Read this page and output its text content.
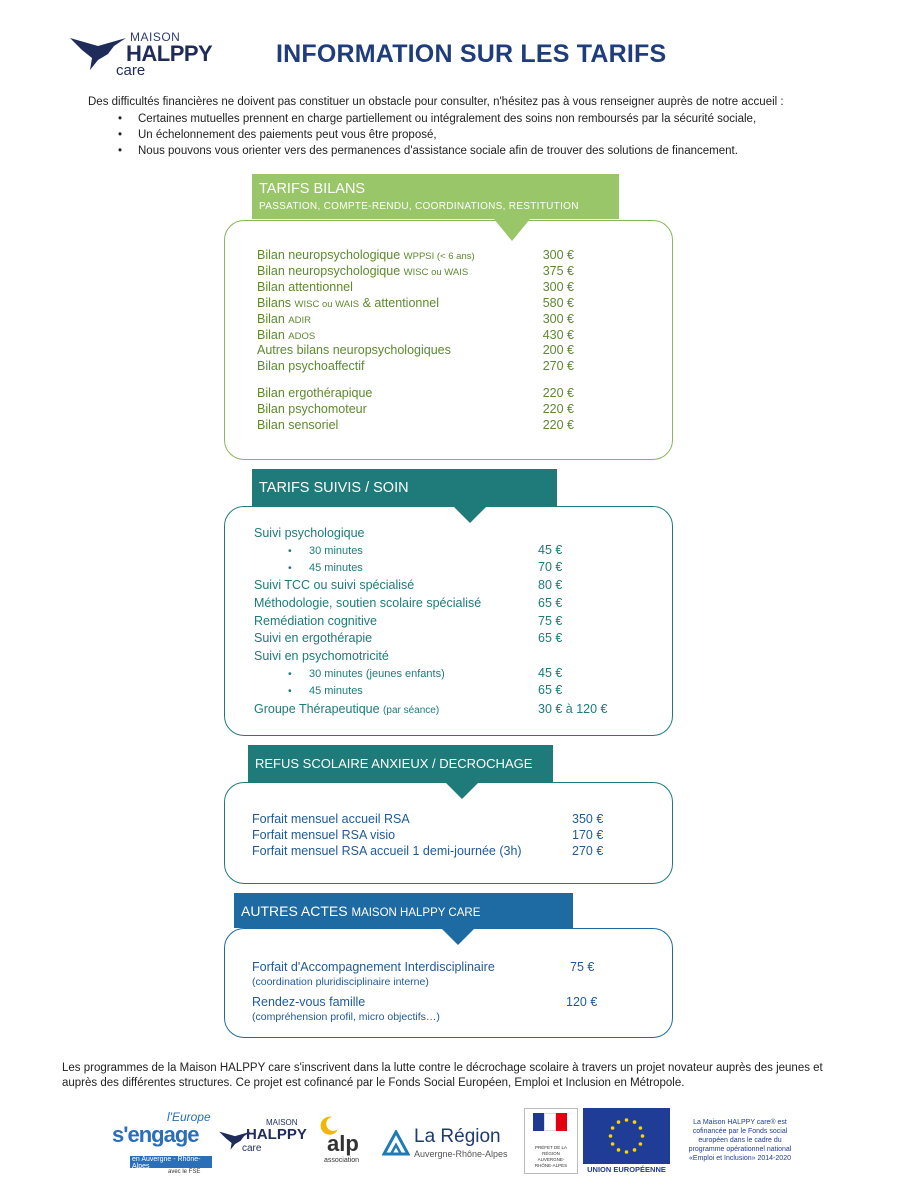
MAISON
HALPPY
care
INFORMATION SUR LES TARIFS
Des difficultés financières ne doivent pas constituer un obstacle pour consulter, n'hésitez pas à vous renseigner auprès de notre accueil :
• Certaines mutuelles prennent en charge partiellement ou intégralement des soins non remboursés par la sécurité sociale,
• Un échelonnement des paiements peut vous être proposé,
• Nous pouvons vous orienter vers des permanences d'assistance sociale afin de trouver des solutions de financement.
TARIFS BILANS
PASSATION, COMPTE-RENDU, COORDINATIONS, RESTITUTION
Bilan neuropsychologique WPPSI (< 6 ans)	300 €
Bilan neuropsychologique WISC ou WAIS	375 €
Bilan attentionnel	300 €
Bilans WISC ou WAIS & attentionnel	580 €
Bilan ADIR	300 €
Bilan ADOS	430 €
Autres bilans neuropsychologiques	200 €
Bilan psychoaffectif	270 €
Bilan ergothérapique	220 €
Bilan psychomoteur	220 €
Bilan sensoriel	220 €
TARIFS SUIVIS / SOIN
Suivi psychologique
• 30 minutes	45 €
• 45 minutes	70 €
Suivi TCC ou suivi spécialisé	80 €
Méthodologie, soutien scolaire spécialisé	65 €
Remédiation cognitive	75 €
Suivi en ergothérapie	65 €
Suivi en psychomotricité
• 30 minutes (jeunes enfants)	45 €
• 45 minutes	65 €
Groupe Thérapeutique (par séance)	30 € à 120 €
REFUS SCOLAIRE ANXIEUX / DECROCHAGE
Forfait mensuel accueil RSA	350 €
Forfait mensuel RSA visio	170 €
Forfait mensuel RSA accueil 1 demi-journée (3h)	270 €
AUTRES ACTES MAISON HALPPY CARE
Forfait d'Accompagnement Interdisciplinaire
(coordination pluridisciplinaire interne)
75 €
Rendez-vous famille
(compréhension profil, micro objectifs…)
120 €
Les programmes de la Maison HALPPY care s'inscrivent dans la lutte contre le décrochage scolaire à travers un projet novateur auprès des jeunes et auprès des différentes structures. Ce projet est cofinancé par le Fonds Social Européen, Emploi et Inclusion en Métropole.
l'Europe
s'engage
en Auvergne - Rhône-Alpes
avec le FSE
MAISON
HALPPY
care	alp
association
La Région
Auvergne-Rhône-Alpes
PRÉFET DE LA RÉGION AUVERGNE-RHÔNE-ALPES	UNION EUROPÉENNE
La Maison HALPPY care® est cofinancée par le Fonds social européen dans le cadre du programme opérationnel national «Emploi et Inclusion» 2014-2020
